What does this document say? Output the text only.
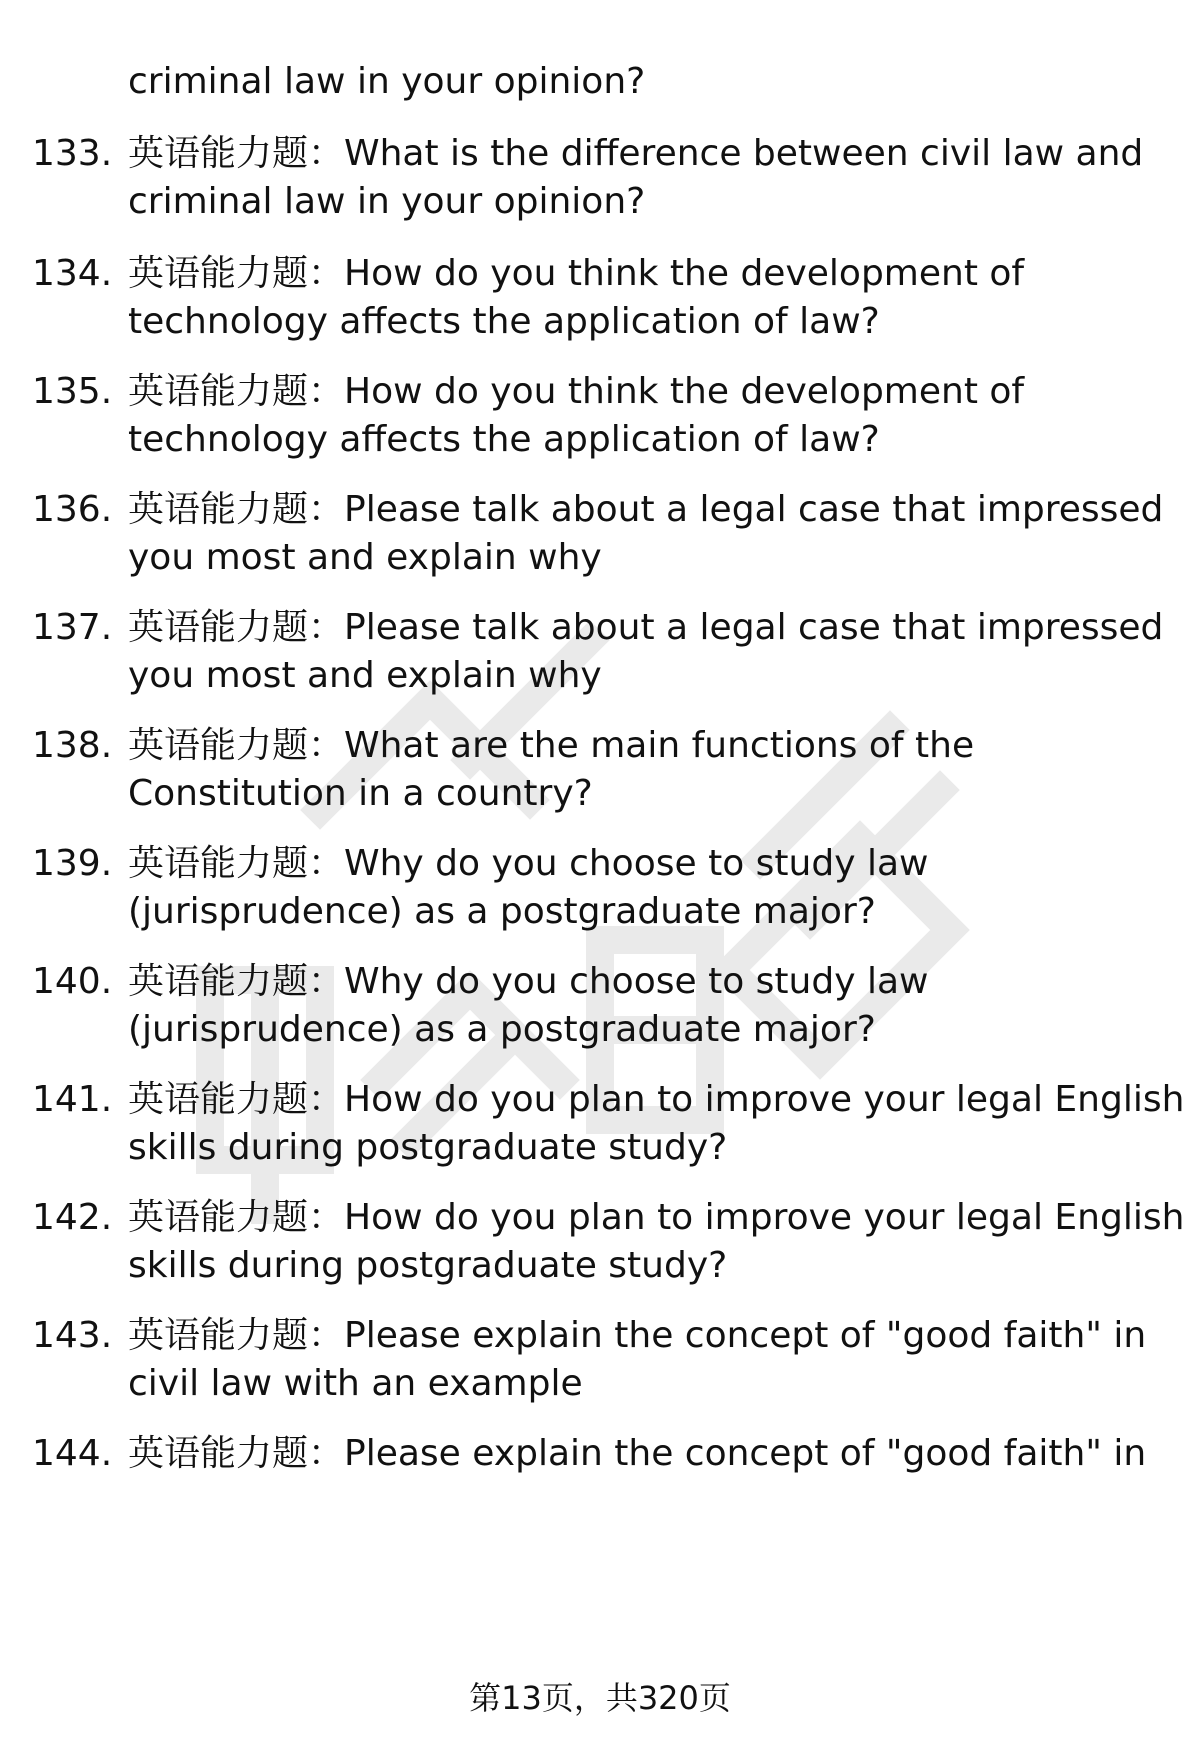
criminal law in your opinion?
133. 英语能力题：What is the difference between civil law and
criminal law in your opinion?
134. 英语能力题：How do you think the development of
technology affects the application of law?
135. 英语能力题：How do you think the development of
technology affects the application of law?
136. 英语能力题：Please talk about a legal case that impressed
you most and explain why
137. 英语能力题：Please talk about a legal case that impressed
you most and explain why
138. 英语能力题：What are the main functions of the
Constitution in a country?
139. 英语能力题：Why do you choose to study law
(jurisprudence) as a postgraduate major?
140. 英语能力题：Why do you choose to study law
(jurisprudence) as a postgraduate major?
141. 英语能力题：How do you plan to improve your legal English
skills during postgraduate study?
142. 英语能力题：How do you plan to improve your legal English
skills during postgraduate study?
143. 英语能力题：Please explain the concept of "good faith" in
civil law with an example
144. 英语能力题：Please explain the concept of "good faith" in
第13页，共320页
